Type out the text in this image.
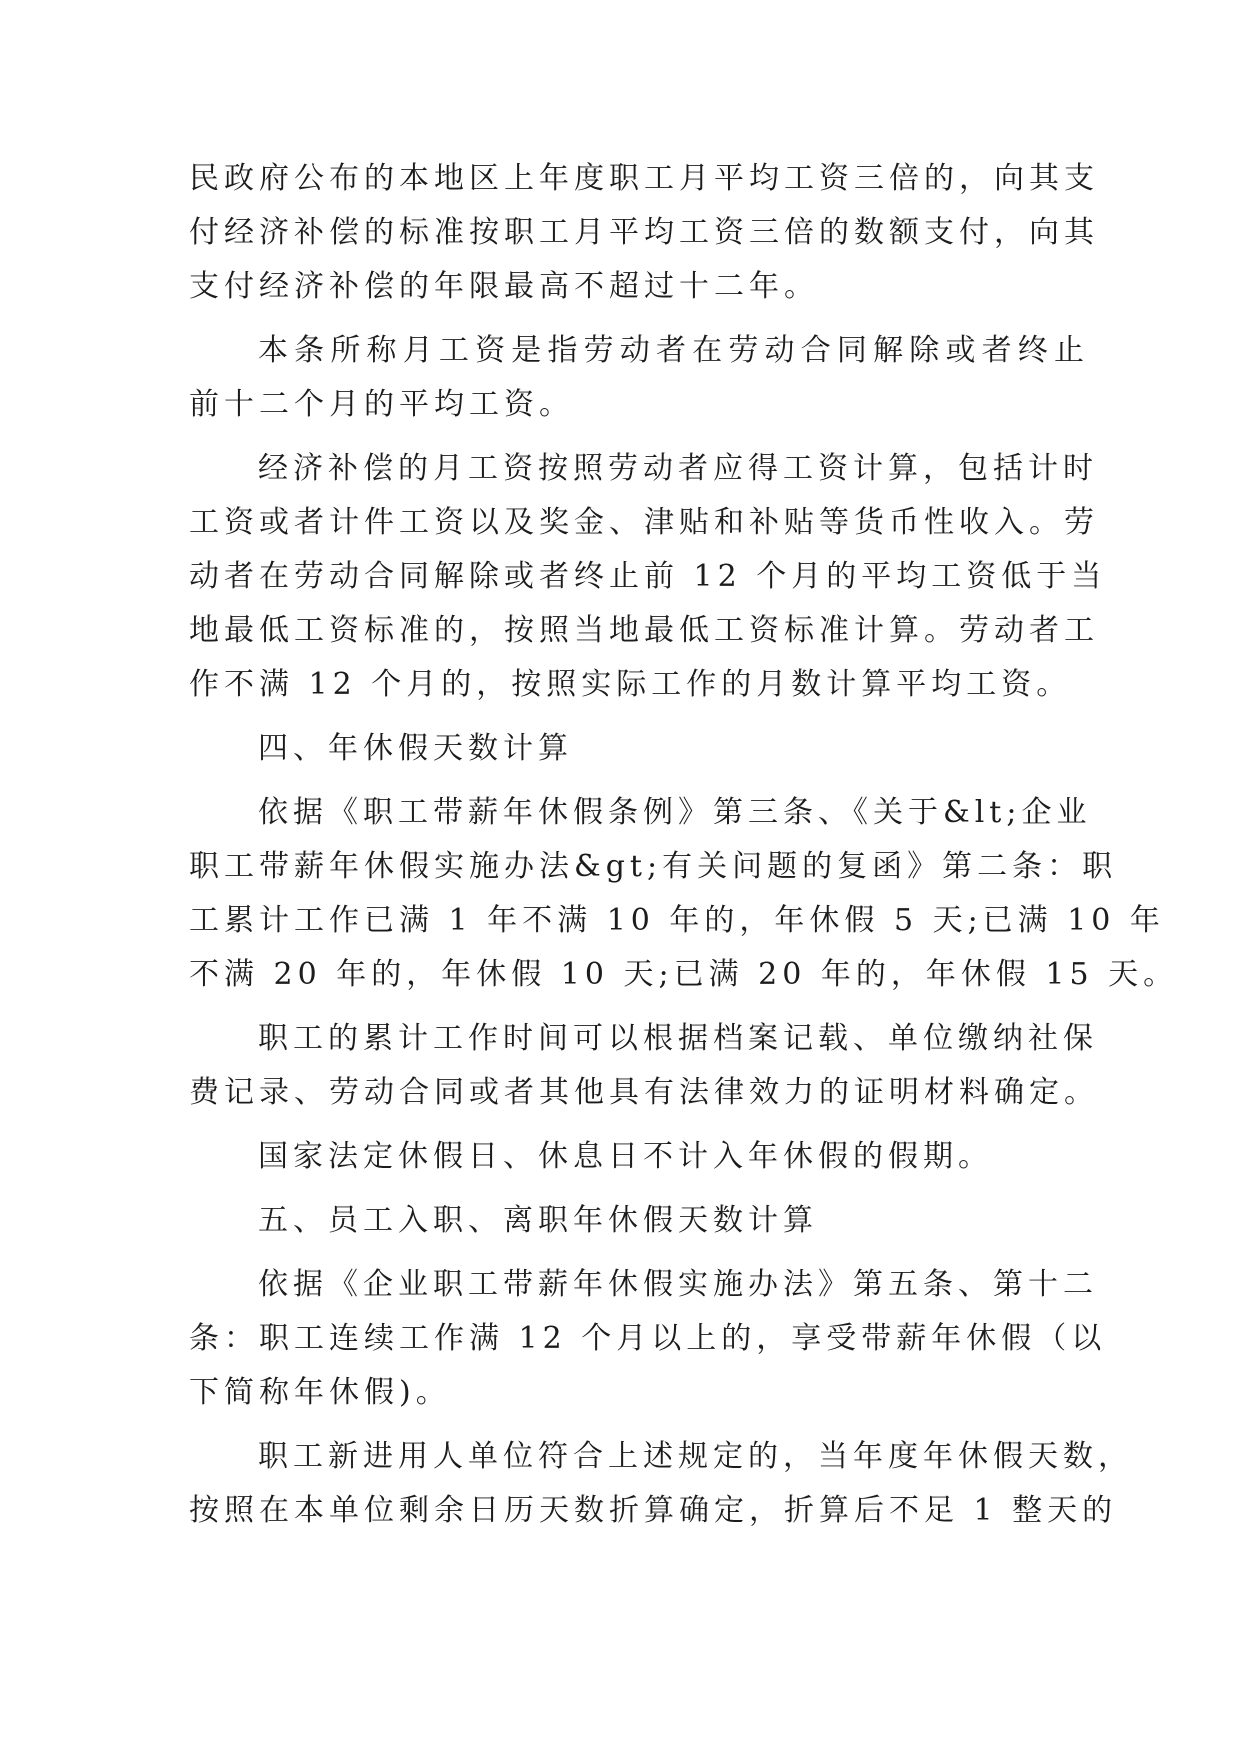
民政府公布的本地区上年度职工月平均工资三倍的，向其支
付经济补偿的标准按职工月平均工资三倍的数额支付，向其
支付经济补偿的年限最高不超过十二年。
本条所称月工资是指劳动者在劳动合同解除或者终止
前十二个月的平均工资。
经济补偿的月工资按照劳动者应得工资计算，包括计时
工资或者计件工资以及奖金、津贴和补贴等货币性收入。劳
动者在劳动合同解除或者终止前 12 个月的平均工资低于当
地最低工资标准的，按照当地最低工资标准计算。劳动者工
作不满 12 个月的，按照实际工作的月数计算平均工资。
四、年休假天数计算
依据《职工带薪年休假条例》第三条、《关于&lt;企业
职工带薪年休假实施办法&gt;有关问题的复函》第二条：职
工累计工作已满 1 年不满 10 年的，年休假 5 天;已满 10 年
不满 20 年的，年休假 10 天;已满 20 年的，年休假 15 天。
职工的累计工作时间可以根据档案记载、单位缴纳社保
费记录、劳动合同或者其他具有法律效力的证明材料确定。
国家法定休假日、休息日不计入年休假的假期。
五、员工入职、离职年休假天数计算
依据《企业职工带薪年休假实施办法》第五条、第十二
条：职工连续工作满 12 个月以上的，享受带薪年休假（以
下简称年休假)。
职工新进用人单位符合上述规定的，当年度年休假天数，
按照在本单位剩余日历天数折算确定，折算后不足 1 整天的
